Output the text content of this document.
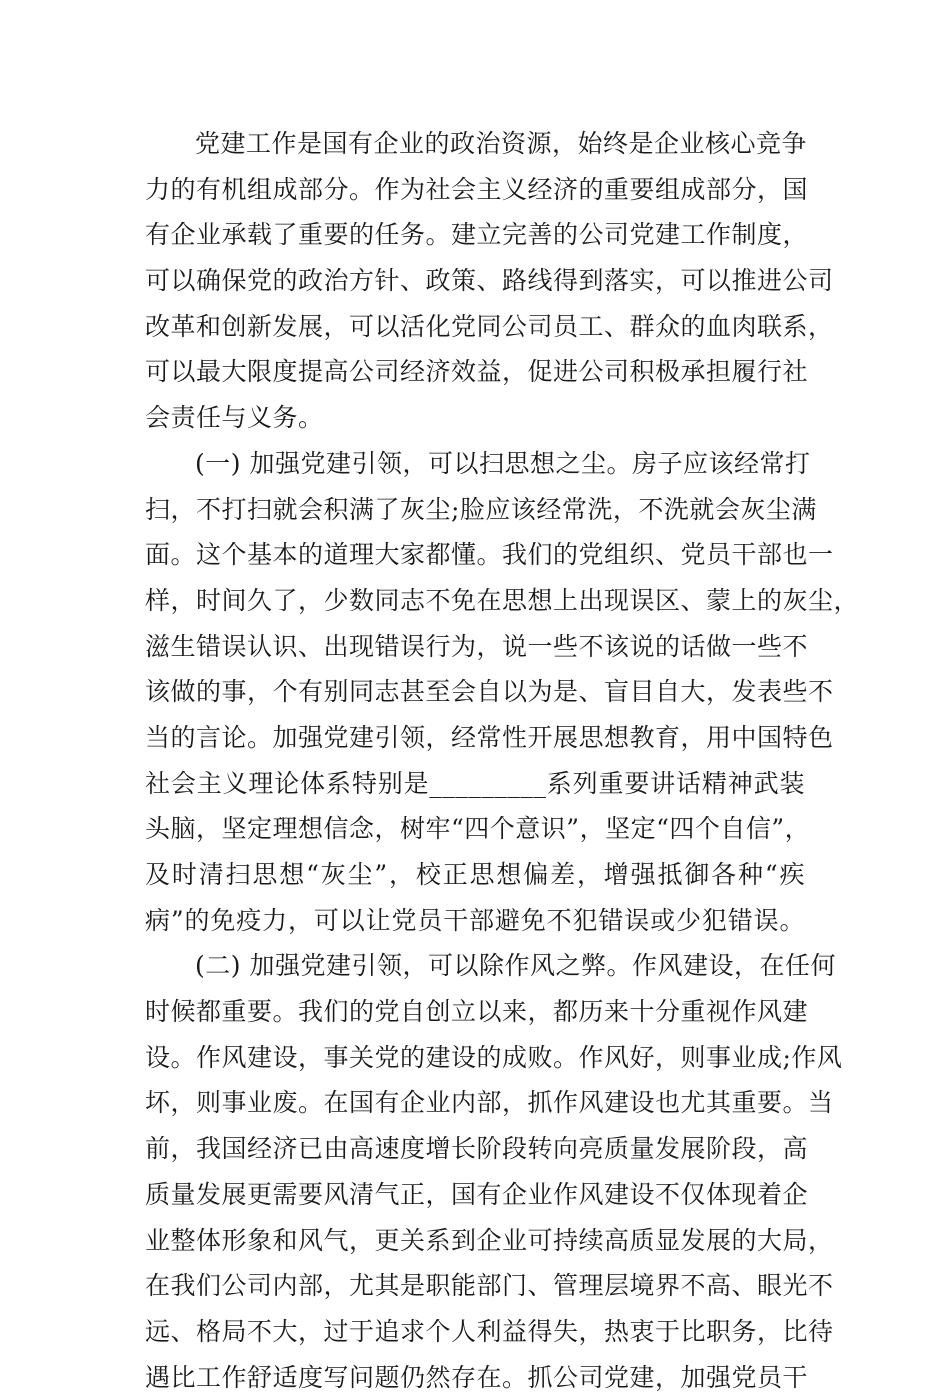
党建工作是国有企业的政治资源，始终是企业核心竞争
力的有机组成部分。作为社会主义经济的重要组成部分，国
有企业承载了重要的任务。建立完善的公司党建工作制度，
可以确保党的政治方针、政策、路线得到落实，可以推进公司
改革和创新发展，可以活化党同公司员工、群众的血肉联系，
可以最大限度提高公司经济效益，促进公司积极承担履行社
会责任与义务。
(一) 加强党建引领，可以扫思想之尘。房子应该经常打
扫，不打扫就会积满了灰尘;脸应该经常洗，不洗就会灰尘满
面。这个基本的道理大家都懂。我们的党组织、党员干部也一
样，时间久了，少数同志不免在思想上出现误区、蒙上的灰尘，
滋生错误认识、出现错误行为，说一些不该说的话做一些不
该做的事，个有别同志甚至会自以为是、盲目自大，发表些不
当的言论。加强党建引领，经常性开展思想教育，用中国特色
社会主义理论体系特别是_________系列重要讲话精神武装
头脑，坚定理想信念，树牢“四个意识”，坚定“四个自信”，
及时清扫思想“灰尘”，校正思想偏差，增强抵御各种“疾
病”的免疫力，可以让党员干部避免不犯错误或少犯错误。
(二) 加强党建引领，可以除作风之弊。作风建设，在任何
时候都重要。我们的党自创立以来，都历来十分重视作风建
设。作风建设，事关党的建设的成败。作风好，则事业成;作风
坏，则事业废。在国有企业内部，抓作风建设也尤其重要。当
前，我国经济已由高速度增长阶段转向亮质量发展阶段，高
质量发展更需要风清气正，国有企业作风建设不仅体现着企
业整体形象和风气，更关系到企业可持续高质显发展的大局，
在我们公司内部，尤其是职能部门、管理层境界不高、眼光不
远、格局不大，过于追求个人利益得失，热衷于比职务，比待
遇比工作舒适度写问题仍然存在。抓公司党建，加强党员干
